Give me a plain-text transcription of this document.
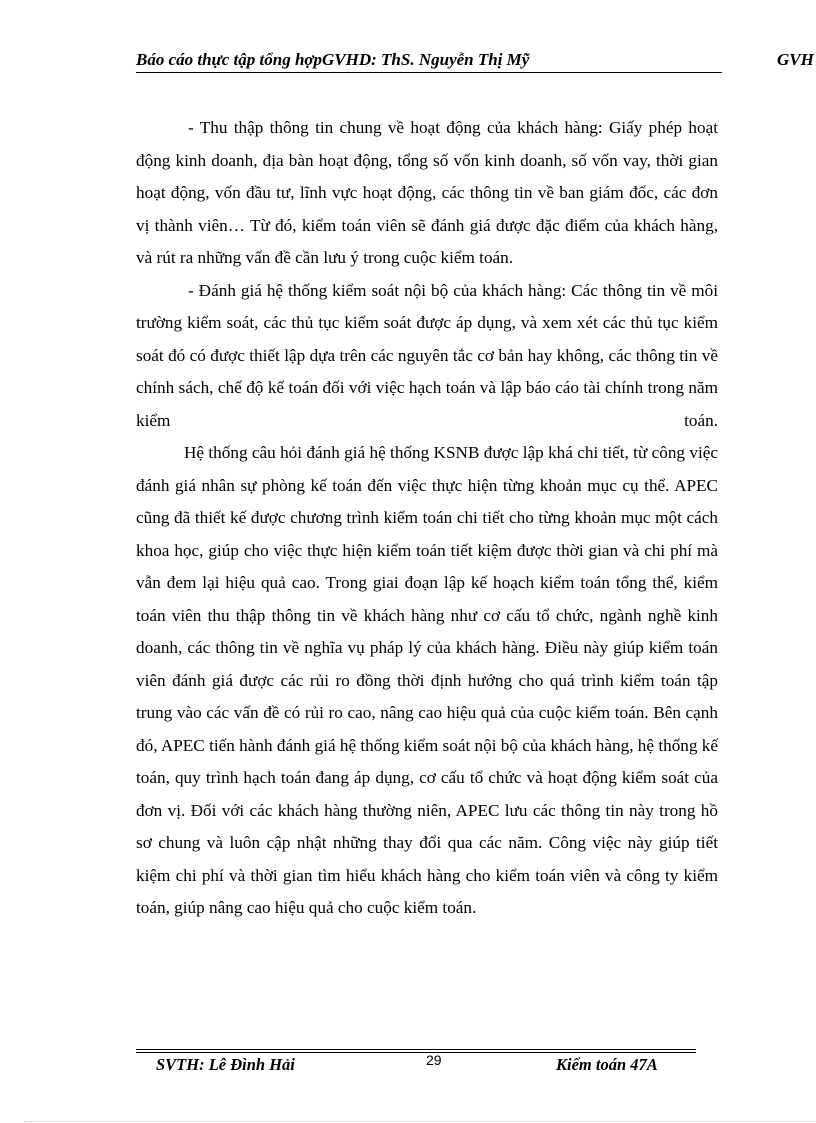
Báo cáo thực tập tổng hợpGVHD: ThS. Nguyễn Thị Mỹ	GVH

- Thu thập thông tin chung về hoạt động của khách hàng: Giấy phép hoạt động kinh doanh, địa bàn hoạt động, tổng số vốn kinh doanh, số vốn vay, thời gian hoạt động, vốn đầu tư, lĩnh vực hoạt động, các thông tin về ban giám đốc, các đơn vị thành viên… Từ đó, kiểm toán viên sẽ đánh giá được đặc điểm của khách hàng, và rút ra những vấn đề cần lưu ý trong cuộc kiểm toán.

- Đánh giá hệ thống kiểm soát nội bộ của khách hàng: Các thông tin về môi trường kiểm soát, các thủ tục kiểm soát được áp dụng, và xem xét các thủ tục kiểm soát đó có được thiết lập dựa trên các nguyên tắc cơ bản hay không, các thông tin về chính sách, chế độ kế toán đối với việc hạch toán và lập báo cáo tài chính trong năm kiểm toán.

Hệ thống câu hỏi đánh giá hệ thống KSNB được lập khá chi tiết, từ công việc đánh giá nhân sự phòng kế toán đến việc thực hiện từng khoản mục cụ thể. APEC cũng đã thiết kế được chương trình kiểm toán chi tiết cho từng khoản mục một cách khoa học, giúp cho việc thực hiện kiểm toán tiết kiệm được thời gian và chi phí mà vẫn đem lại hiệu quả cao. Trong giai đoạn lập kế hoạch kiểm toán tổng thể, kiểm toán viên thu thập thông tin về khách hàng như cơ cấu tổ chức, ngành nghề kinh doanh, các thông tin về nghĩa vụ pháp lý của khách hàng. Điều này giúp kiểm toán viên đánh giá được các rủi ro đồng thời định hướng cho quá trình kiểm toán tập trung vào các vấn đề có rủi ro cao, nâng cao hiệu quả của cuộc kiểm toán. Bên cạnh đó, APEC tiến hành đánh giá hệ thống kiểm soát nội bộ của khách hàng, hệ thống kế toán, quy trình hạch toán đang áp dụng, cơ cấu tổ chức và hoạt động kiểm soát của đơn vị. Đối với các khách hàng thường niên, APEC lưu các thông tin này trong hồ sơ chung và luôn cập nhật những thay đổi qua các năm. Công việc này giúp tiết kiệm chi phí và thời gian tìm hiểu khách hàng cho kiểm toán viên và công ty kiểm toán, giúp nâng cao hiệu quả cho cuộc kiểm toán.

SVTH: Lê Đình Hải	29	Kiểm toán 47A
